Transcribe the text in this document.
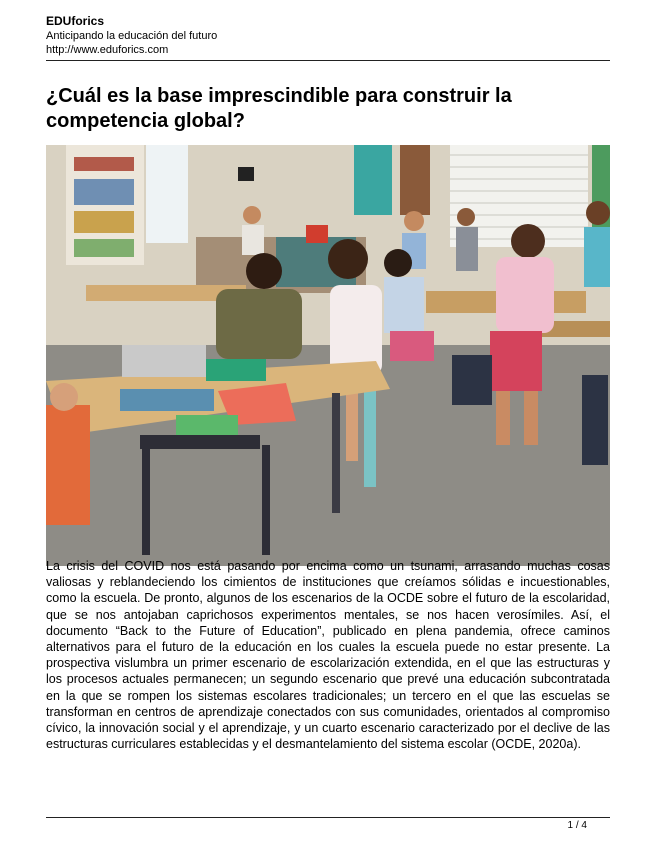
EDUforics
Anticipando la educación del futuro
http://www.eduforics.com
¿Cuál es la base imprescindible para construir la competencia global?

La crisis del COVID nos está pasando por encima como un tsunami, arrasando muchas cosas valiosas y reblandeciendo los cimientos de instituciones que creíamos sólidas e incuestionables, como la escuela. De pronto, algunos de los escenarios de la OCDE sobre el futuro de la escolaridad, que se nos antojaban caprichosos experimentos mentales, se nos hacen verosímiles. Así, el documento “Back to the Future of Education”, publicado en plena pandemia, ofrece caminos alternativos para el futuro de la educación en los cuales la escuela puede no estar presente. La prospectiva vislumbra un primer escenario de escolarización extendida, en el que las estructuras y los procesos actuales permanecen; un segundo escenario que prevé una educación subcontratada en la que se rompen los sistemas escolares tradicionales; un tercero en el que las escuelas se transforman en centros de aprendizaje conectados con sus comunidades, orientados al compromiso cívico, la innovación social y el aprendizaje, y un cuarto escenario caracterizado por el declive de las estructuras curriculares establecidas y el desmantelamiento del sistema escolar (OCDE, 2020a).

1 / 4
